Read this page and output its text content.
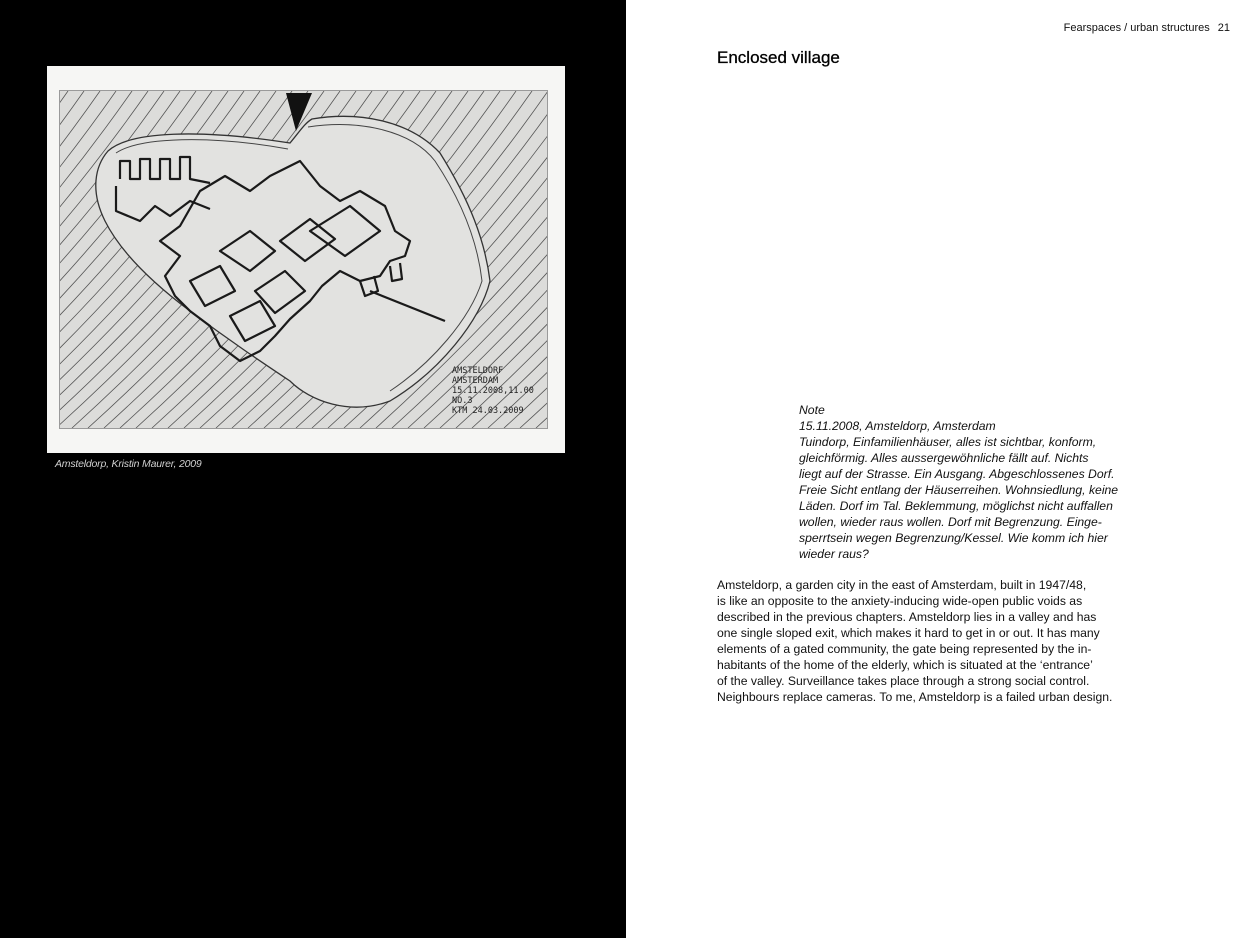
AMSTELDORF
AMSTERDAM
15.11.2008,11.00
NO.3
KTM 24.03.2009
Amsteldorp, Kristin Maurer, 2009
Fearspaces / urban structures 21
Enclosed village
Note
15.11.2008, Amsteldorp, Amsterdam
Tuindorp, Einfamilienhäuser, alles ist sichtbar, konform,
gleichförmig. Alles aussergewöhnliche fällt auf. Nichts
liegt auf der Strasse. Ein Ausgang. Abgeschlossenes Dorf.
Freie Sicht entlang der Häuserreihen. Wohnsiedlung, keine
Läden. Dorf im Tal. Beklemmung, möglichst nicht auffallen
wollen, wieder raus wollen. Dorf mit Begrenzung. Einge-
sperrtsein wegen Begrenzung/Kessel. Wie komm ich hier
wieder raus?
Amsteldorp, a garden city in the east of Amsterdam, built in 1947/48,
is like an opposite to the anxiety-inducing wide-open public voids as
described in the previous chapters. Amsteldorp lies in a valley and has
one single sloped exit, which makes it hard to get in or out. It has many
elements of a gated community, the gate being represented by the in-
habitants of the home of the elderly, which is situated at the ‘entrance’
of the valley. Surveillance takes place through a strong social control.
Neighbours replace cameras. To me, Amsteldorp is a failed urban design.
